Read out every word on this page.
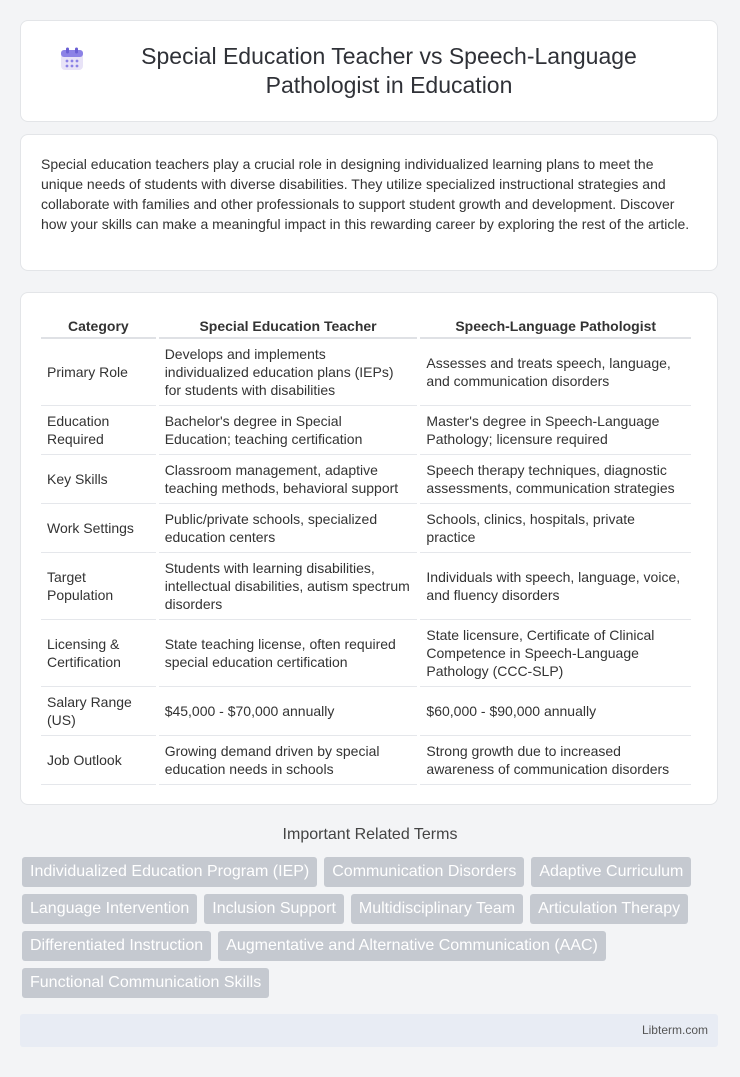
Special Education Teacher vs Speech-Language Pathologist in Education

Special education teachers play a crucial role in designing individualized learning plans to meet the unique needs of students with diverse disabilities. They utilize specialized instructional strategies and collaborate with families and other professionals to support student growth and development. Discover how your skills can make a meaningful impact in this rewarding career by exploring the rest of the article.

Category	Special Education Teacher	Speech-Language Pathologist
Primary Role	Develops and implements individualized education plans (IEPs) for students with disabilities	Assesses and treats speech, language, and communication disorders
Education Required	Bachelor's degree in Special Education; teaching certification	Master's degree in Speech-Language Pathology; licensure required
Key Skills	Classroom management, adaptive teaching methods, behavioral support	Speech therapy techniques, diagnostic assessments, communication strategies
Work Settings	Public/private schools, specialized education centers	Schools, clinics, hospitals, private practice
Target Population	Students with learning disabilities, intellectual disabilities, autism spectrum disorders	Individuals with speech, language, voice, and fluency disorders
Licensing & Certification	State teaching license, often required special education certification	State licensure, Certificate of Clinical Competence in Speech-Language Pathology (CCC-SLP)
Salary Range (US)	$45,000 - $70,000 annually	$60,000 - $90,000 annually
Job Outlook	Growing demand driven by special education needs in schools	Strong growth due to increased awareness of communication disorders
Important Related Terms
Individualized Education Program (IEP)	Communication Disorders	Adaptive Curriculum
Language Intervention	Inclusion Support	Multidisciplinary Team	Articulation Therapy
Differentiated Instruction	Augmentative and Alternative Communication (AAC)
Functional Communication Skills
Libterm.com
